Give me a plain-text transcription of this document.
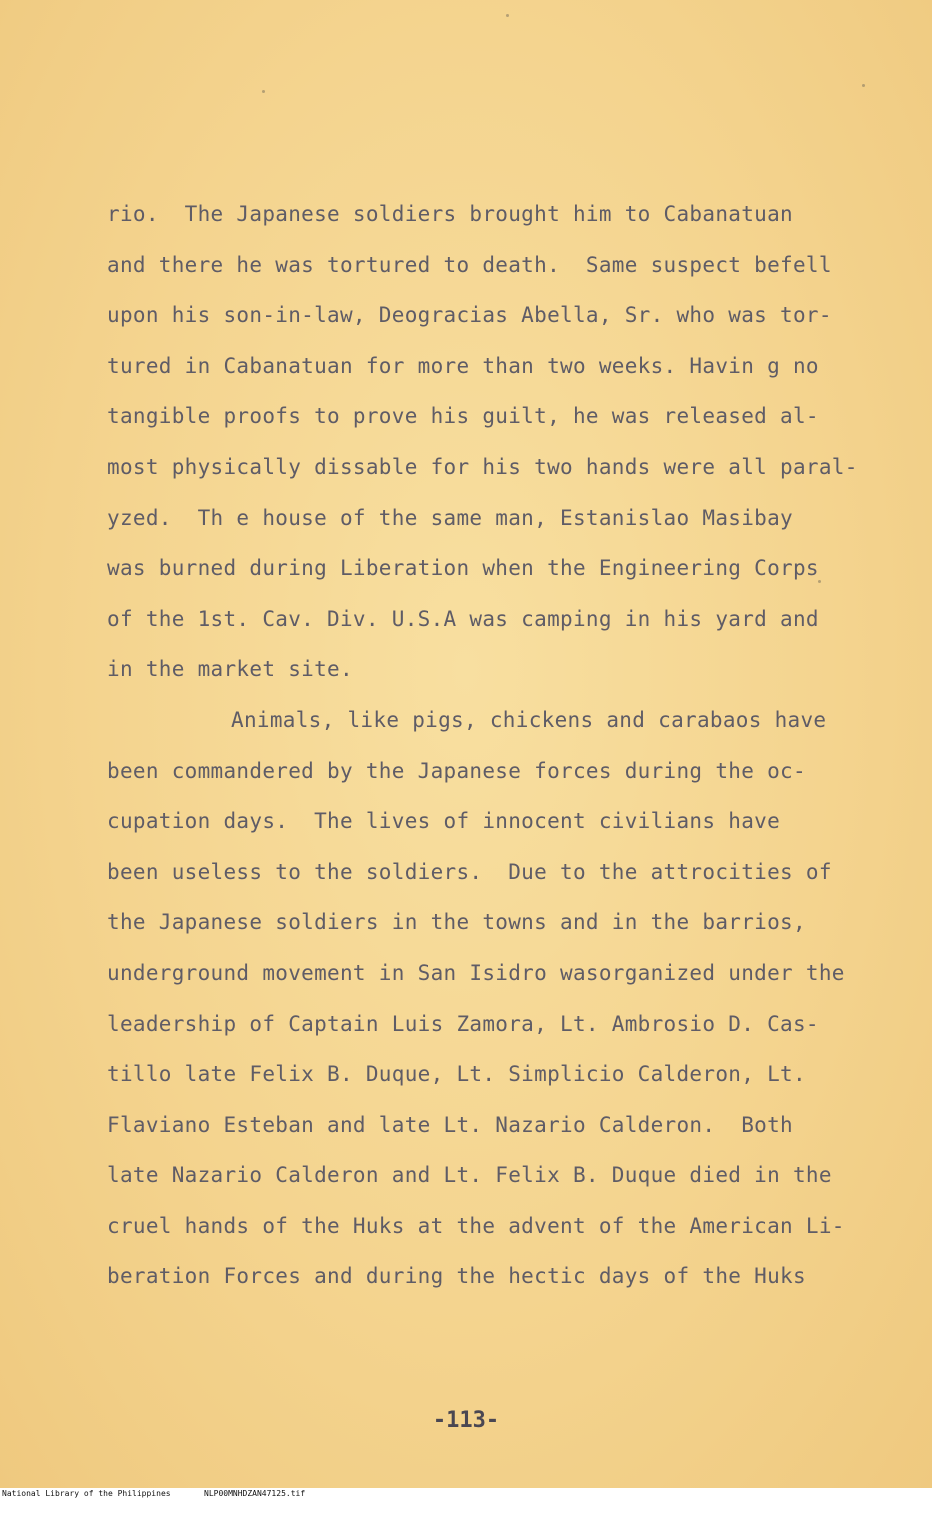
rio.  The Japanese soldiers brought him to Cabanatuan
and there he was tortured to death.  Same suspect befell
upon his son-in-law, Deogracias Abella, Sr. who was tor-
tured in Cabanatuan for more than two weeks. Havin g no
tangible proofs to prove his guilt, he was released al-
most physically dissable for his two hands were all paral-
yzed.  Th e house of the same man, Estanislao Masibay
was burned during Liberation when the Engineering Corps
of the 1st. Cav. Div. U.S.A was camping in his yard and
in the market site.
Animals, like pigs, chickens and carabaos have
been commandered by the Japanese forces during the oc-
cupation days.  The lives of innocent civilians have
been useless to the soldiers.  Due to the attrocities of
the Japanese soldiers in the towns and in the barrios,
underground movement in San Isidro wasorganized under the
leadership of Captain Luis Zamora, Lt. Ambrosio D. Cas-
tillo late Felix B. Duque, Lt. Simplicio Calderon, Lt.
Flaviano Esteban and late Lt. Nazario Calderon.  Both
late Nazario Calderon and Lt. Felix B. Duque died in the
cruel hands of the Huks at the advent of the American Li-
beration Forces and during the hectic days of the Huks
-113-

National Library of the Philippines

	NLP00MNHDZAN47125.tif
